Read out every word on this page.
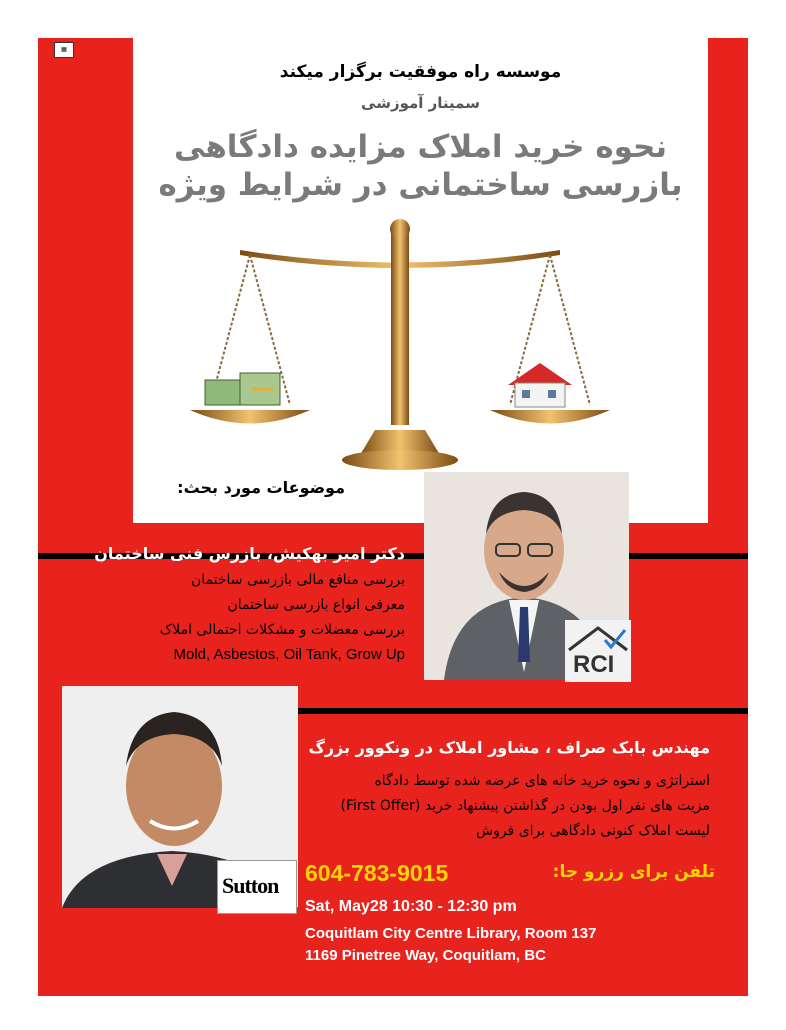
▦
موسسه راه موفقیت برگزار میکند
سمینار آموزشی
نحوه خرید املاک مزایده دادگاهی
بازرسی ساختمانی در شرایط ویژه
موضوعات مورد بحث:
RCI
دکتر امیر بهکیش، بازرس فنی ساختمان
بررسی منافع مالی بازرسی ساختمان
معرفی انواع بازرسی ساختمان
بررسی معضلات و مشکلات احتمالی املاک
Mold, Asbestos, Oil Tank, Grow Up
مهندس بابک صراف ، مشاور املاک در ونکوور بزرگ
استراتژی و نحوه خرید خانه های عرضه شده توسط دادگاه
مزیت های نفر اول بودن در گذاشتن پیشنهاد خرید (First Offer)
لیست املاک کنونی دادگاهی برای فروش
Sutton 604-783-9015	تلفن برای رزرو جا:
Sat, May28 10:30 - 12:30 pm
Coquitlam City Centre Library, Room 137
1169 Pinetree Way, Coquitlam, BC
